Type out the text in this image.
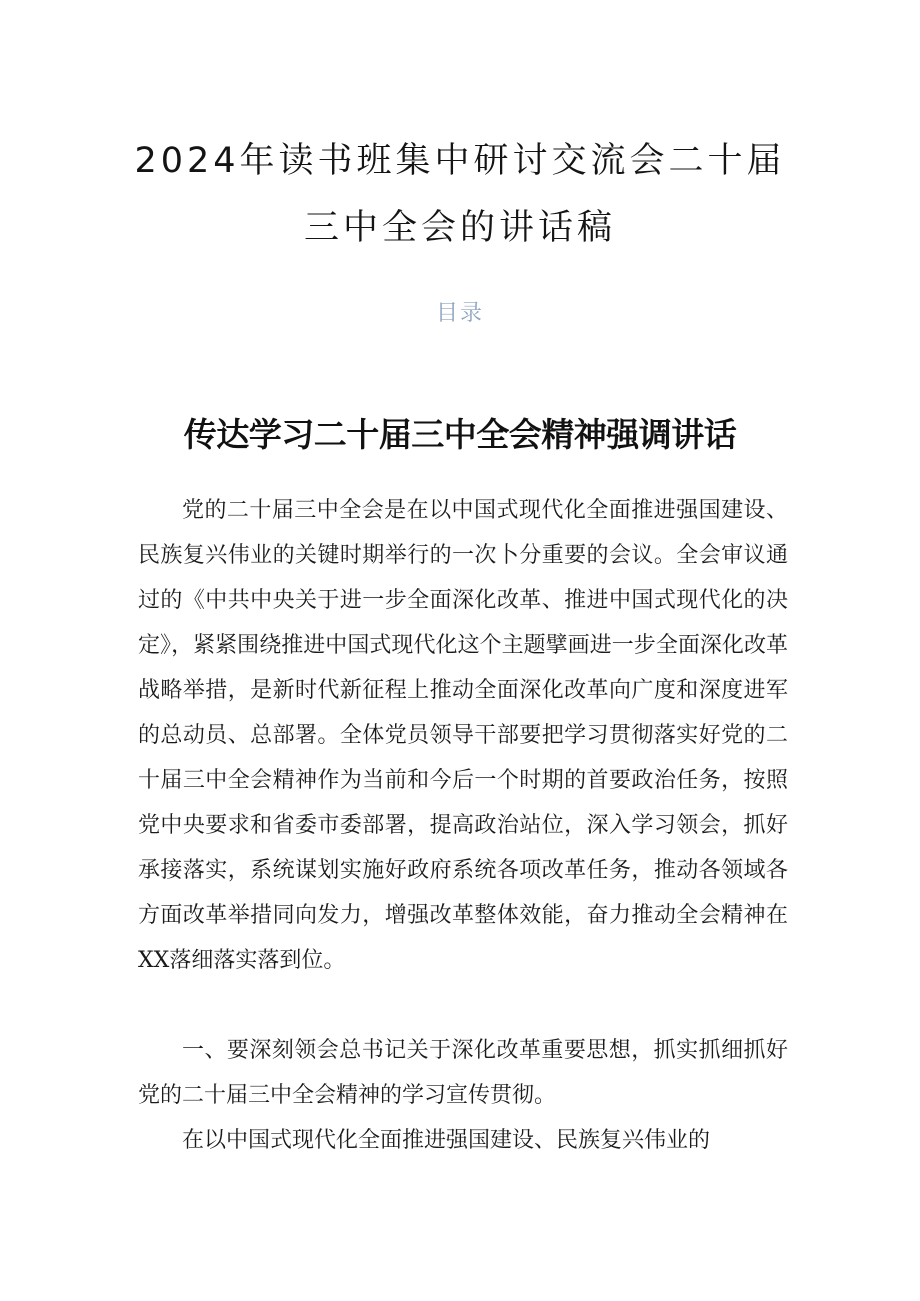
2024年读书班集中研讨交流会二十届
三中全会的讲话稿
目录
传达学习二十届三中全会精神强调讲话

党的二十届三中全会是在以中国式现代化全面推进强国建设、民族复兴伟业的关键时期举行的一次卜分重要的会议。全会审议通过的《中共中央关于进一步全面深化改革、推进中国式现代化的决定》，紧紧围绕推进中国式现代化这个主题擘画进一步全面深化改革战略举措，是新时代新征程上推动全面深化改革向广度和深度进军的总动员、总部署。全体党员领导干部要把学习贯彻落实好党的二十届三中全会精神作为当前和今后一个时期的首要政治任务，按照党中央要求和省委市委部署，提高政治站位，深入学习领会，抓好承接落实，系统谋划实施好政府系统各项改革任务，推动各领域各方面改革举措同向发力，增强改革整体效能，奋力推动全会精神在XX落细落实落到位。

一、要深刻领会总书记关于深化改革重要思想，抓实抓细抓好党的二十届三中全会精神的学习宣传贯彻。

在以中国式现代化全面推进强国建设、民族复兴伟业的
